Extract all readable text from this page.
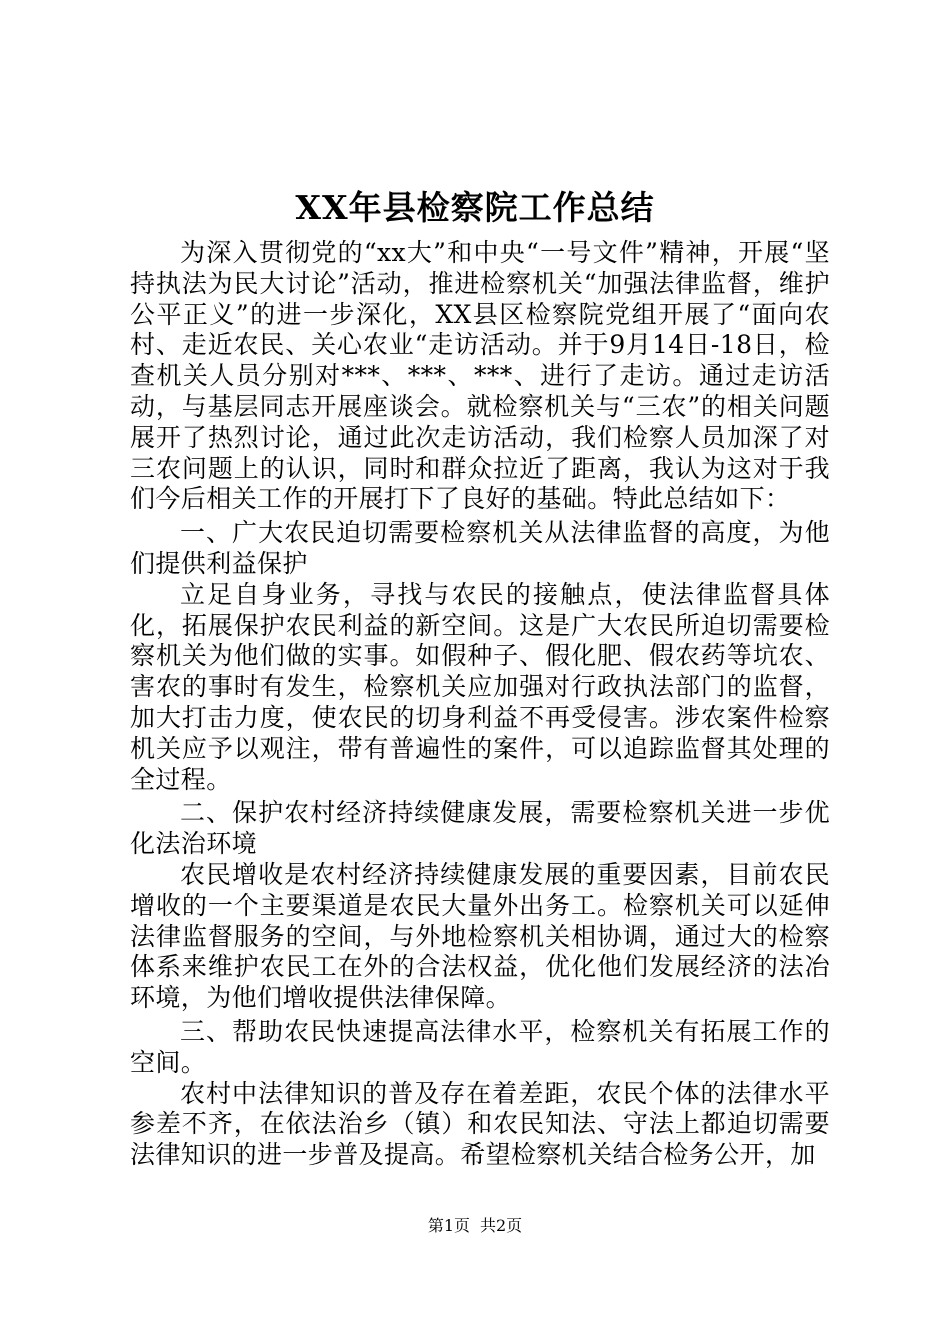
XX年县检察院工作总结

为深入贯彻党的“xx大”和中央“一号文件”精神，开展“坚持执法为民大讨论”活动，推进检察机关“加强法律监督，维护公平正义”的进一步深化，XX县区检察院党组开展了“面向农村、走近农民、关心农业“走访活动。并于9月14日-18日，检查机关人员分别对***、***、***、进行了走访。通过走访活动，与基层同志开展座谈会。就检察机关与“三农”的相关问题展开了热烈讨论，通过此次走访活动，我们检察人员加深了对三农问题上的认识，同时和群众拉近了距离，我认为这对于我们今后相关工作的开展打下了良好的基础。特此总结如下：

一、广大农民迫切需要检察机关从法律监督的高度，为他们提供利益保护

立足自身业务，寻找与农民的接触点，使法律监督具体化，拓展保护农民利益的新空间。这是广大农民所迫切需要检察机关为他们做的实事。如假种子、假化肥、假农药等坑农、害农的事时有发生，检察机关应加强对行政执法部门的监督，加大打击力度，使农民的切身利益不再受侵害。涉农案件检察机关应予以观注，带有普遍性的案件，可以追踪监督其处理的全过程。

二、保护农村经济持续健康发展，需要检察机关进一步优化法治环境

农民增收是农村经济持续健康发展的重要因素，目前农民增收的一个主要渠道是农民大量外出务工。检察机关可以延伸法律监督服务的空间，与外地检察机关相协调，通过大的检察体系来维护农民工在外的合法权益，优化他们发展经济的法冶环境，为他们增收提供法律保障。

三、帮助农民快速提高法律水平，检察机关有拓展工作的空间。

农村中法律知识的普及存在着差距，农民个体的法律水平参差不齐，在依法治乡（镇）和农民知法、守法上都迫切需要法律知识的进一步普及提高。希望检察机关结合检务公开，加

第1页 共2页
